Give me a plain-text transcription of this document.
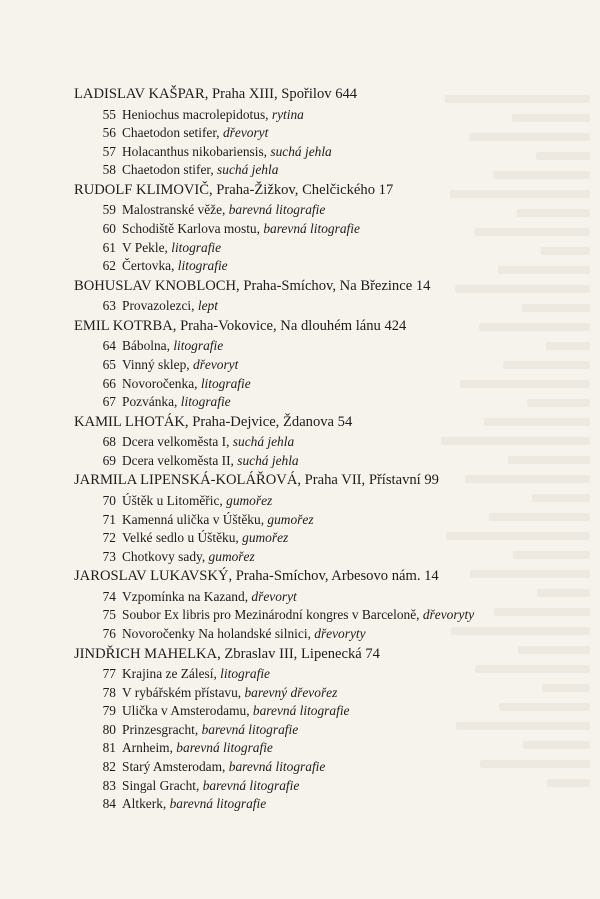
LADISLAV KAŠPAR, Praha XIII, Spořilov 644
55 Heniochus macrolepidotus, rytina
56 Chaetodon setifer, dřevoryt
57 Holacanthus nikobariensis, suchá jehla
58 Chaetodon stifer, suchá jehla
RUDOLF KLIMOVIČ, Praha-Žižkov, Chelčického 17
59 Malostranské věže, barevná litografie
60 Schodiště Karlova mostu, barevná litografie
61 V Pekle, litografie
62 Čertovka, litografie
BOHUSLAV KNOBLOCH, Praha-Smíchov, Na Březince 14
63 Provazolezci, lept
EMIL KOTRBA, Praha-Vokovice, Na dlouhém lánu 424
64 Bábolna, litografie
65 Vinný sklep, dřevoryt
66 Novoročenka, litografie
67 Pozvánka, litografie
KAMIL LHOTÁK, Praha-Dejvice, Ždanova 54
68 Dcera velkoměsta I, suchá jehla
69 Dcera velkoměsta II, suchá jehla
JARMILA LIPENSKÁ-KOLÁŘOVÁ, Praha VII, Přístavní 99
70 Úštěk u Litoměřic, gumořez
71 Kamenná ulička v Úštěku, gumořez
72 Velké sedlo u Úštěku, gumořez
73 Chotkovy sady, gumořez
JAROSLAV LUKAVSKÝ, Praha-Smíchov, Arbesovo nám. 14
74 Vzpomínka na Kazand, dřevoryt
75 Soubor Ex libris pro Mezinárodní kongres v Barceloně, dřevoryty
76 Novoročenky Na holandské silnici, dřevoryty
JINDŘICH MAHELKA, Zbraslav III, Lipenecká 74
77 Krajina ze Zálesí, litografie
78 V rybářském přístavu, barevný dřevořez
79 Ulička v Amsterodamu, barevná litografie
80 Prinzesgracht, barevná litografie
81 Arnheim, barevná litografie
82 Starý Amsterodam, barevná litografie
83 Singal Gracht, barevná litografie
84 Altkerk, barevná litografie
